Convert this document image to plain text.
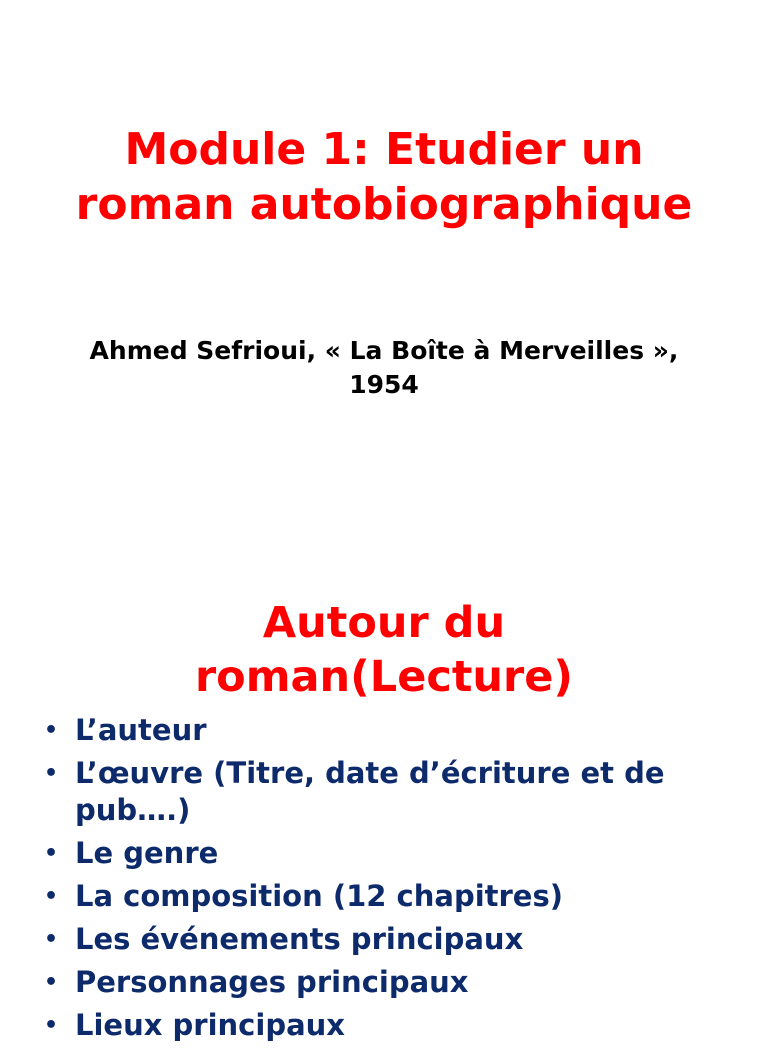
Module 1: Etudier un
roman autobiographique

Ahmed Sefrioui, « La Boîte à Merveilles »,
1954

Autour du
roman(Lecture)
• L’auteur
• L’œuvre (Titre, date d’écriture et de pub….)
• Le genre
• La composition (12 chapitres)
• Les événements principaux
• Personnages principaux
• Lieux principaux
